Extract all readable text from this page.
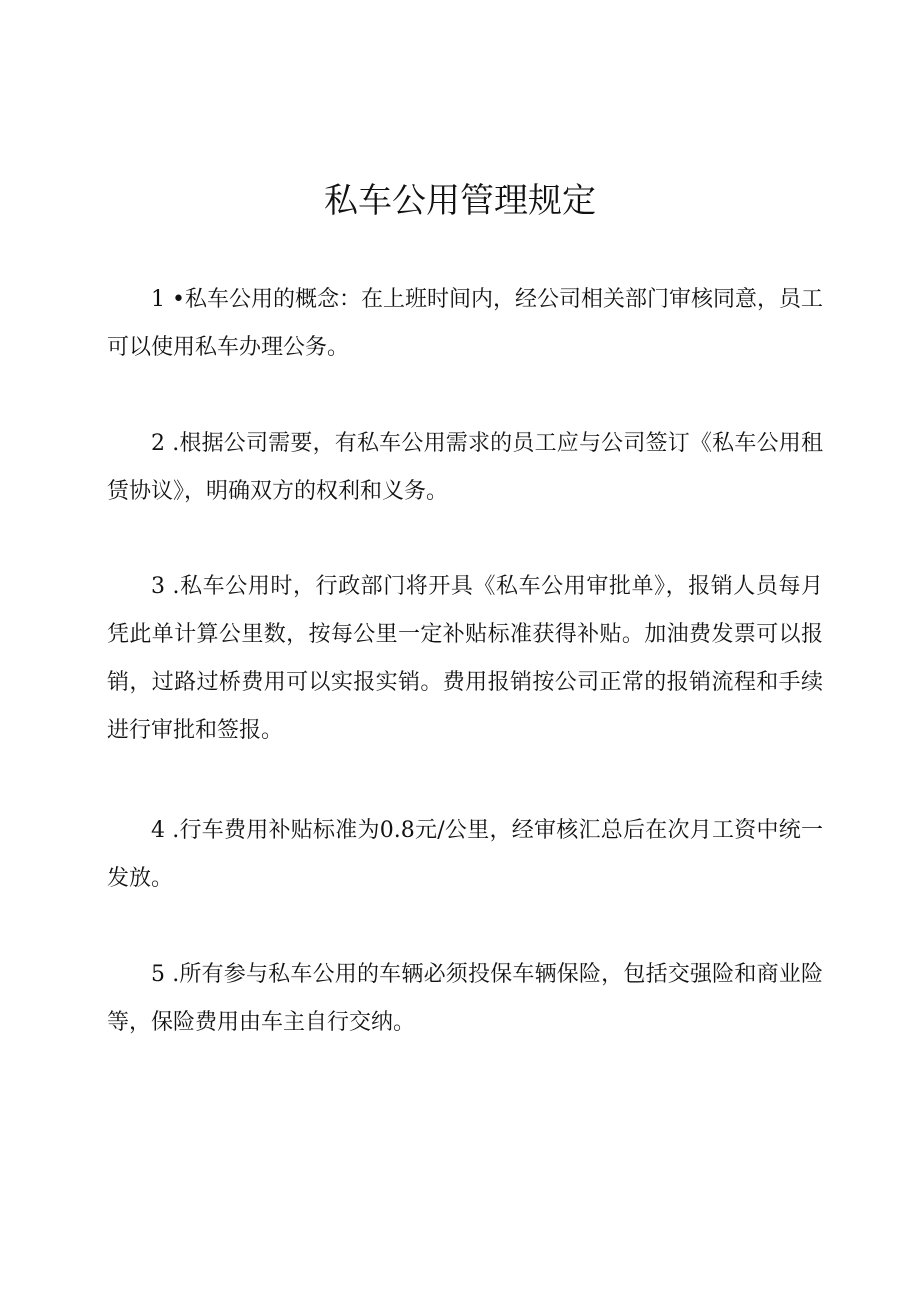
私车公用管理规定

1 •私车公用的概念：在上班时间内，经公司相关部门审核同意，员工可以使用私车办理公务。

2 .根据公司需要，有私车公用需求的员工应与公司签订《私车公用租赁协议》，明确双方的权利和义务。

3 .私车公用时，行政部门将开具《私车公用审批单》，报销人员每月凭此单计算公里数，按每公里一定补贴标准获得补贴。加油费发票可以报销，过路过桥费用可以实报实销。费用报销按公司正常的报销流程和手续进行审批和签报。

4 .行车费用补贴标准为0.8元/公里，经审核汇总后在次月工资中统一发放。

5 .所有参与私车公用的车辆必须投保车辆保险，包括交强险和商业险等，保险费用由车主自行交纳。
